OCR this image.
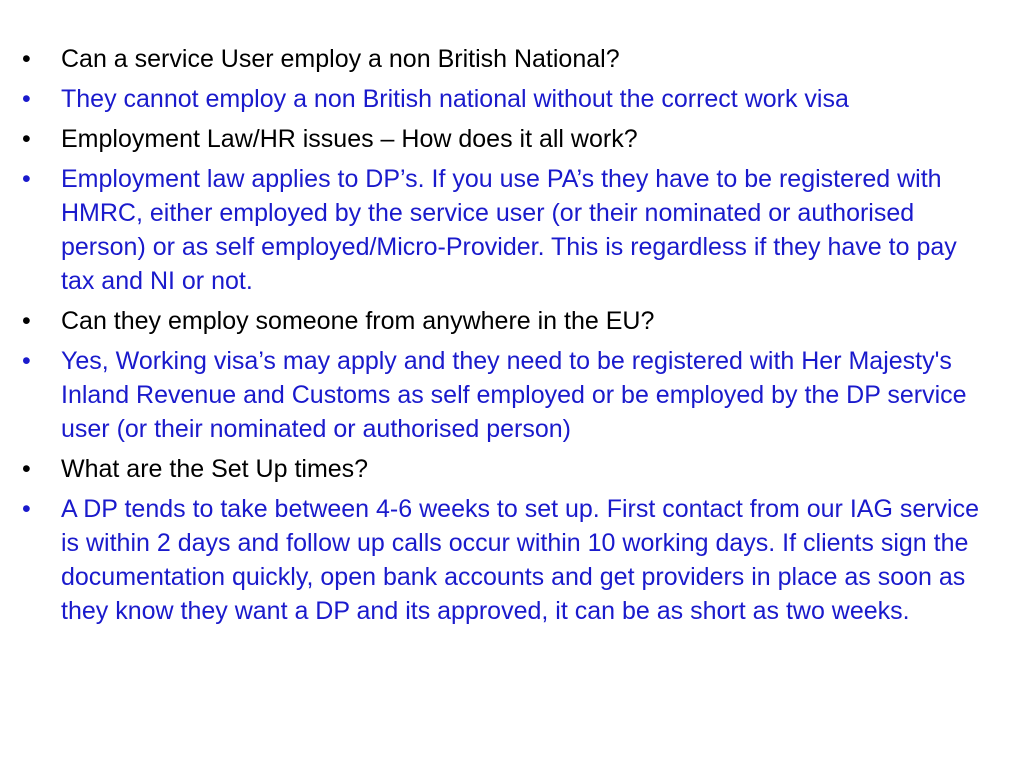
•	Can a service User employ a non British National?
•	They cannot employ a non British national without the correct work visa
•	Employment Law/HR issues – How does it all work?
•	Employment law applies to DP’s. If you use PA’s they have to be registered with HMRC, either employed by the service user (or their nominated or authorised person) or as self employed/Micro-Provider. This is regardless if they have to pay tax and NI or not.
•	Can they employ someone from anywhere in the EU?
•	Yes, Working visa’s may apply and they need to be registered with Her Majesty's Inland Revenue and Customs as self employed or be employed by the DP service user (or their nominated or authorised person)
•	What are the Set Up times?
•	A DP tends to take between 4-6 weeks to set up. First contact from our IAG service is within 2 days and follow up calls occur within 10 working days. If clients sign the documentation quickly, open bank accounts and get providers in place as soon as they know they want a DP and its approved, it can be as short as two weeks.
